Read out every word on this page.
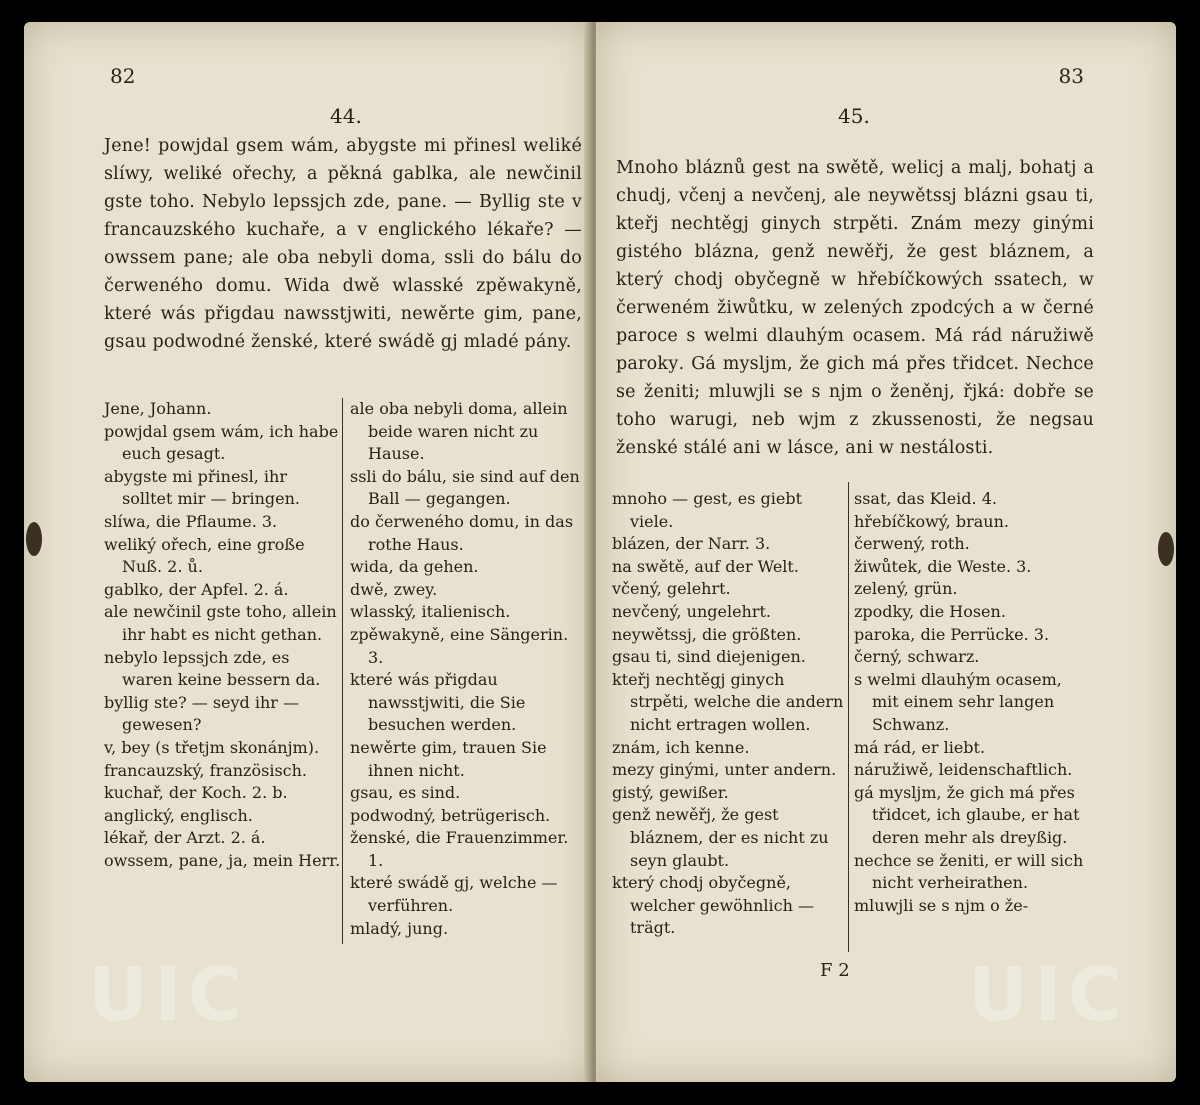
82
44.

Jene! powjdal gsem wám, abygste mi přinesl weliké slíwy, weliké ořechy, a pěkná gablka, ale newčinil gste toho. Nebylo lepssjch zde, pane. — Byllig ste v francauzského kuchaře, a v englického lékaře? — owssem pane; ale oba nebyli doma, ssli do bálu do čerweného domu. Wida dwě wlasské zpěwakyně, které wás přigdau nawsstjwiti, newěrte gim, pane, gsau podwodné ženské, které swádě gj mladé pány.

Jene, Johann.
powjdal gsem wám, ich habe euch gesagt.
abygste mi přinesl, ihr solltet mir — bringen.
slíwa, die Pflaume. 3.
weliký ořech, eine große Nuß. 2. ů.
gablko, der Apfel. 2. á.
ale newčinil gste toho, allein ihr habt es nicht gethan.
nebylo lepssjch zde, es waren keine bessern da.
byllig ste? — seyd ihr — gewesen?
v, bey (s třetjm skonánjm).
francauzský, französisch.
kuchař, der Koch. 2. b.
anglický, englisch.
lékař, der Arzt. 2. á.
owssem, pane, ja, mein Herr.
ale oba nebyli doma, allein beide waren nicht zu Hause.
ssli do bálu, sie sind auf den Ball — gegangen.
do čerweného domu, in das rothe Haus.
wida, da gehen.
dwě, zwey.
wlasský, italienisch.
zpěwakyně, eine Sängerin. 3.
které wás přigdau nawsstjwiti, die Sie besuchen werden.
newěrte gim, trauen Sie ihnen nicht.
gsau, es sind.
podwodný, betrügerisch.
ženské, die Frauenzimmer. 1.
které swádě gj, welche — verführen.
mladý, jung.
UIC
83
45.

Mnoho bláznů gest na swětě, welicj a malj, bohatj a chudj, včenj a nevčenj, ale neywětssj blázni gsau ti, kteřj nechtěgj ginych strpěti. Znám mezy ginými gistého blázna, genž newěřj, že gest bláznem, a který chodj obyčegně w hřebíčkowých ssatech, w čerweném žiwůtku, w zelených zpodcých a w černé paroce s welmi dlauhým ocasem. Má rád náružiwě parokу. Gá myslјm, že gich má přes třidcet. Nechce se ženiti; mluwjli se s njm o ženěnj, řjká: dobře se toho warugi, neb wjm z zkussenosti, že negsau ženské stálé ani w lásce, ani w nestálosti.

mnoho — gest, es giebt viele.
blázen, der Narr. 3.
na swětě, auf der Welt.
včený, gelehrt.
nevčený, ungelehrt.
neywětssj, die größten.
gsau ti, sind diejenigen.
kteřj nechtěgj ginych strpěti, welche die andern nicht ertragen wollen.
znám, ich kenne.
mezy ginými, unter andern.
gistý, gewißer.
genž newěřj, že gest bláznem, der es nicht zu seyn glaubt.
který chodj obyčegně, welcher gewöhnlich — trägt.
ssat, das Kleid. 4.
hřebíčkowý, braun.
čerwený, roth.
žiwůtek, die Weste. 3.
zelený, grün.
zpodky, die Hosen.
paroka, die Perrücke. 3.
černý, schwarz.
s welmi dlauhým ocasem, mit einem sehr langen Schwanz.
má rád, er liebt.
náružiwě, leidenschaftlich.
gá myslјm, že gich má přes třidcet, ich glaube, er hat deren mehr als dreyßig.
nechce se ženiti, er will sich nicht verheirathen.
mluwjli se s njm o že-
F 2 UIC
